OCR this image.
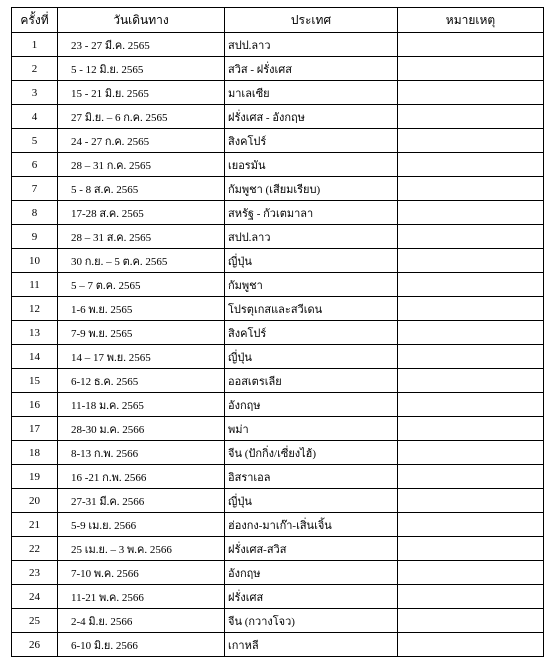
ครั้งที่	วันเดินทาง	ประเทศ	หมายเหตุ
1	23 - 27 มี.ค. 2565	สปป.ลาว	
2	5 - 12 มิ.ย. 2565	สวิส - ฝรั่งเศส	
3	15 - 21 มิ.ย. 2565	มาเลเซีย	
4	27 มิ.ย. – 6 ก.ค. 2565	ฝรั่งเศส - อังกฤษ	
5	24 - 27 ก.ค. 2565	สิงคโปร์	
6	28 – 31 ก.ค. 2565	เยอรมัน	
7	5 - 8 ส.ค. 2565	กัมพูชา (เสียมเรียบ)	
8	17-28 ส.ค. 2565	สหรัฐ - กัวเตมาลา	
9	28 – 31 ส.ค. 2565	สปป.ลาว	
10	30 ก.ย. – 5 ต.ค. 2565	ญี่ปุ่น	
11	5 – 7 ต.ค. 2565	กัมพูชา	
12	1-6 พ.ย. 2565	โปรตุเกสและสวีเดน	
13	7-9 พ.ย. 2565	สิงคโปร์	
14	14 – 17 พ.ย. 2565	ญี่ปุ่น	
15	6-12 ธ.ค. 2565	ออสเตรเลีย	
16	11-18 ม.ค. 2565	อังกฤษ	
17	28-30 ม.ค. 2566	พม่า	
18	8-13 ก.พ. 2566	จีน (ปักกิ่ง/เซี่ยงไฮ้)	
19	16 -21 ก.พ. 2566	อิสราเอล	
20	27-31 มี.ค. 2566	ญี่ปุ่น	
21	5-9 เม.ย. 2566	ฮ่องกง-มาเก๊า-เสิ่นเจิ้น	
22	25 เม.ย. – 3 พ.ค. 2566	ฝรั่งเศส-สวิส	
23	7-10 พ.ค. 2566	อังกฤษ	
24	11-21 พ.ค. 2566	ฝรั่งเศส	
25	2-4 มิ.ย. 2566	จีน (กวางโจว)	
26	6-10 มิ.ย. 2566	เกาหลี	
